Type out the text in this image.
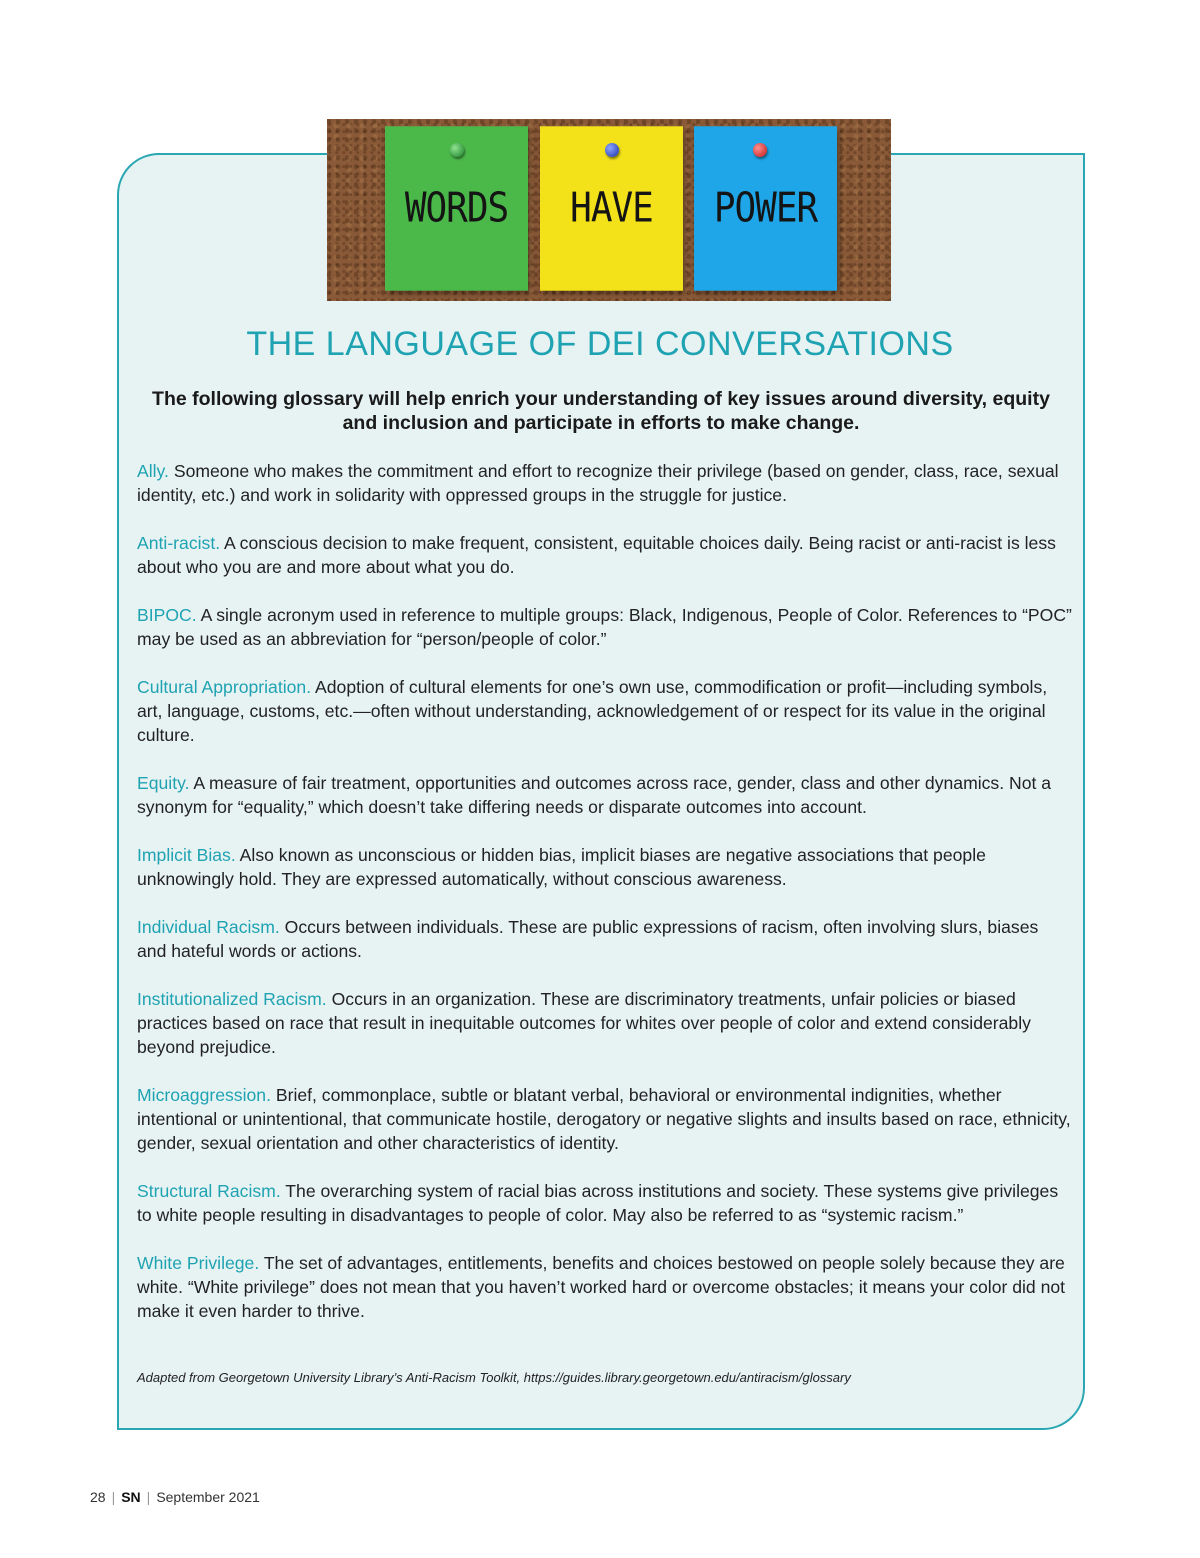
WORDS HAVE POWER
THE LANGUAGE OF DEI CONVERSATIONS

The following glossary will help enrich your understanding of key issues around diversity, equity and inclusion and participate in efforts to make change.

Ally. Someone who makes the commitment and effort to recognize their privilege (based on gender, class, race, sexual identity, etc.) and work in solidarity with oppressed groups in the struggle for justice.

Anti-racist. A conscious decision to make frequent, consistent, equitable choices daily. Being racist or anti-racist is less about who you are and more about what you do.

BIPOC. A single acronym used in reference to multiple groups: Black, Indigenous, People of Color. References to “POC” may be used as an abbreviation for “person/people of color.”

Cultural Appropriation. Adoption of cultural elements for one’s own use, commodification or profit—including symbols, art, language, customs, etc.—often without understanding, acknowledgement of or respect for its value in the original culture.

Equity. A measure of fair treatment, opportunities and outcomes across race, gender, class and other dynamics. Not a synonym for “equality,” which doesn’t take differing needs or disparate outcomes into account.

Implicit Bias. Also known as unconscious or hidden bias, implicit biases are negative associations that people unknowingly hold. They are expressed automatically, without conscious awareness.

Individual Racism. Occurs between individuals. These are public expressions of racism, often involving slurs, biases and hateful words or actions.

Institutionalized Racism. Occurs in an organization. These are discriminatory treatments, unfair policies or biased practices based on race that result in inequitable outcomes for whites over people of color and extend considerably beyond prejudice.

Microaggression. Brief, commonplace, subtle or blatant verbal, behavioral or environmental indignities, whether intentional or unintentional, that communicate hostile, derogatory or negative slights and insults based on race, ethnicity, gender, sexual orientation and other characteristics of identity.

Structural Racism. The overarching system of racial bias across institutions and society. These systems give privileges to white people resulting in disadvantages to people of color. May also be referred to as “systemic racism.”

White Privilege. The set of advantages, entitlements, benefits and choices bestowed on people solely because they are white. “White privilege” does not mean that you haven’t worked hard or overcome obstacles; it means your color did not make it even harder to thrive.

Adapted from Georgetown University Library’s Anti-Racism Toolkit, https://guides.library.georgetown.edu/antiracism/glossary
28 | SN | September 2021
